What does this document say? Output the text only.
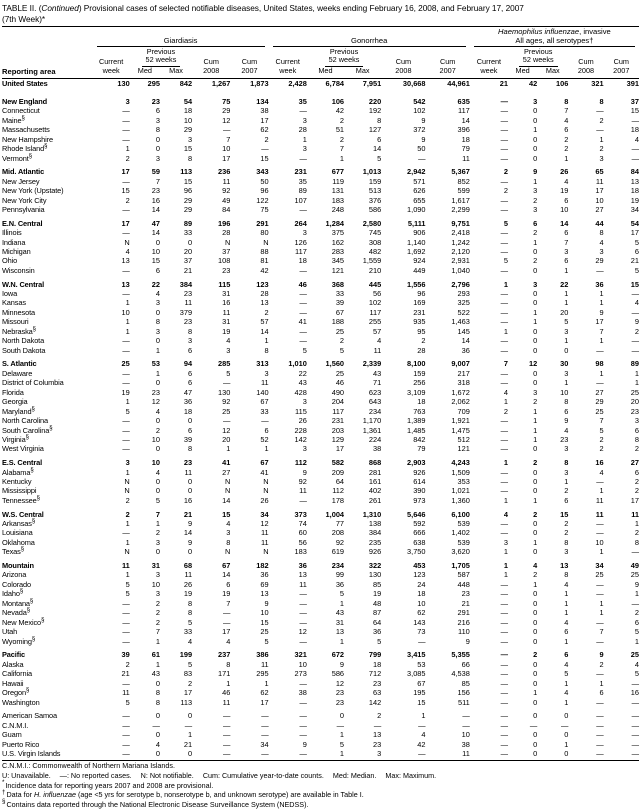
TABLE II. (Continued) Provisional cases of selected notifiable diseases, United States, weeks ending February 16, 2008, and February 17, 2007
(7th Week)*

	Giardiasis					Gonorrhea					Haemophilus influenzae, invasive
All ages, all serotypes†				

		Previous					Previous					Previous			
	Current	52 weeks		Cum	Cum	Current	52 weeks		Cum	Cum	Current	52 weeks		Cum	Cum
Reporting area	week	Med	Max	2008	2007	week	Med	Max	2008	2007	week	Med	Max	2008	2007

United States	130	295	842	1,267	1,873	2,428	6,784	7,951	30,668	44,961	21	42	106	321	391

New England	3	23	54	75	134	35	106	220	542	635	—	3	8	8	37
Connecticut	—	6	18	29	38	—	42	192	102	117	—	0	7	—	15
Maine§	—	3	10	12	17	3	2	8	9	14	—	0	4	2	—
Massachusetts	—	8	29	—	62	28	51	127	372	396	—	1	6	—	18
New Hampshire	—	0	3	7	2	1	2	6	9	18	—	0	2	1	4
Rhode Island§	1	0	15	10	—	3	7	14	50	79	—	0	2	2	—
Vermont§	2	3	8	17	15	—	1	5	—	11	—	0	1	3	—

Mid. Atlantic	17	59	113	236	343	231	677	1,013	2,942	5,367	2	9	26	65	84
New Jersey	—	7	15	11	50	35	119	159	571	852	—	1	4	11	13
New York (Upstate)	15	23	96	92	96	89	131	513	626	599	2	3	19	17	18
New York City	2	16	29	49	122	107	183	376	655	1,617	—	2	6	10	19
Pennsylvania	—	14	29	84	75	—	248	586	1,090	2,299	—	3	10	27	34

E.N. Central	17	47	89	196	291	264	1,284	2,580	5,111	9,751	5	6	14	44	54
Illinois	—	14	33	28	80	3	375	745	906	2,418	—	2	6	8	17
Indiana	N	0	0	N	N	126	162	308	1,140	1,242	—	1	7	4	5
Michigan	4	10	20	37	88	117	283	482	1,692	2,120	—	0	3	3	6
Ohio	13	15	37	108	81	18	345	1,559	924	2,931	5	2	6	29	21
Wisconsin	—	6	21	23	42	—	121	210	449	1,040	—	0	1	—	5

W.N. Central	13	22	384	115	123	46	368	445	1,556	2,796	1	3	22	36	15
Iowa	—	4	23	31	28	—	33	56	96	293	—	0	1	1	—
Kansas	1	3	11	16	13	—	39	102	169	325	—	0	1	1	4
Minnesota	10	0	379	11	2	—	67	117	231	522	—	1	20	9	—
Missouri	1	8	23	31	57	41	188	255	935	1,463	—	1	5	17	9
Nebraska§	1	3	8	19	14	—	25	57	95	145	1	0	3	7	2
North Dakota	—	0	3	4	1	—	2	4	2	14	—	0	1	1	—
South Dakota	—	1	6	3	8	5	5	11	28	36	—	0	0	—	—

S. Atlantic	25	53	94	285	313	1,010	1,560	2,339	8,100	9,007	7	12	30	98	89
Delaware	—	1	6	5	3	22	25	43	159	217	—	0	3	1	1
District of Columbia	—	0	6	—	11	43	46	71	256	318	—	0	1	—	1
Florida	19	23	47	130	140	428	490	623	3,109	1,672	4	3	10	27	25
Georgia	1	12	36	92	67	3	204	643	18	2,062	1	2	8	29	20
Maryland§	5	4	18	25	33	115	117	234	763	709	2	1	6	25	23
North Carolina	—	0	0	—	—	26	231	1,170	1,389	1,921	—	1	9	7	3
South Carolina§	—	2	6	12	6	228	203	1,361	1,485	1,475	—	1	4	5	6
Virginia§	—	10	39	20	52	142	129	224	842	512	—	1	23	2	8
West Virginia	—	0	8	1	1	3	17	38	79	121	—	0	3	2	2

E.S. Central	3	10	23	41	67	112	582	868	2,903	4,243	1	2	8	16	27
Alabama§	1	4	11	27	41	9	209	281	926	1,509	—	0	3	4	6
Kentucky	N	0	0	N	N	92	64	161	614	353	—	0	1	—	2
Mississippi	N	0	0	N	N	11	112	402	390	1,021	—	0	2	1	2
Tennessee§	2	5	16	14	26	—	178	261	973	1,360	1	1	6	11	17

W.S. Central	2	7	21	15	34	373	1,004	1,310	5,646	6,100	4	2	15	11	11
Arkansas§	1	1	9	4	12	74	77	138	592	539	—	0	2	—	1
Louisiana	—	2	14	3	11	60	208	384	666	1,402	—	0	2	—	2
Oklahoma	1	3	9	8	11	56	92	235	638	539	3	1	8	10	8
Texas§	N	0	0	N	N	183	619	926	3,750	3,620	1	0	3	1	—

Mountain	11	31	68	67	182	36	234	322	453	1,705	1	4	13	34	49
Arizona	1	3	11	14	36	13	99	130	123	587	1	2	8	25	25
Colorado	5	10	26	6	69	11	36	85	24	448	—	1	4	—	9
Idaho§	5	3	19	19	13	—	5	19	18	23	—	0	1	—	1
Montana§	—	2	8	7	9	—	1	48	10	21	—	0	1	1	—
Nevada§	—	2	8	—	10	—	43	87	62	291	—	0	1	1	2
New Mexico§	—	2	5	—	15	—	31	64	143	216	—	0	4	—	6
Utah	—	7	33	17	25	12	13	36	73	110	—	0	6	7	5
Wyoming§	—	1	4	4	5	—	1	5	—	9	—	0	1	—	1

Pacific	39	61	199	237	386	321	672	799	3,415	5,355	—	2	6	9	25
Alaska	2	1	5	8	11	10	9	18	53	66	—	0	4	2	4
California	21	43	83	171	295	273	586	712	3,085	4,538	—	0	5	—	5
Hawaii	—	0	2	1	1	—	12	23	67	85	—	0	1	1	—
Oregon§	11	8	17	46	62	38	23	63	195	156	—	1	4	6	16
Washington	5	8	113	11	17	—	23	142	15	511	—	0	1	—	—

American Samoa	—	0	0	—	—	—	0	2	1	—	—	0	0	—	—
C.N.M.I.	—	—	—	—	—	—	—	—	—	—	—	—	—	—	—
Guam	—	0	1	—	—	—	1	13	4	10	—	0	0	—	—
Puerto Rico	—	4	21	—	34	9	5	23	42	38	—	0	1	—	—
U.S. Virgin Islands	—	0	0	—	—	—	1	3	—	11	—	0	0	—	—
C.N.M.I.: Commonwealth of Northern Mariana Islands.
U: Unavailable. —: No reported cases. N: Not notifiable. Cum: Cumulative year-to-date counts. Med: Median. Max: Maximum.
*Incidence data for reporting years 2007 and 2008 are provisional.
†Data for H. influenzae (age <5 yrs for serotype b, nonserotype b, and unknown serotype) are available in Table I.
§Contains data reported through the National Electronic Disease Surveillance System (NEDSS).
